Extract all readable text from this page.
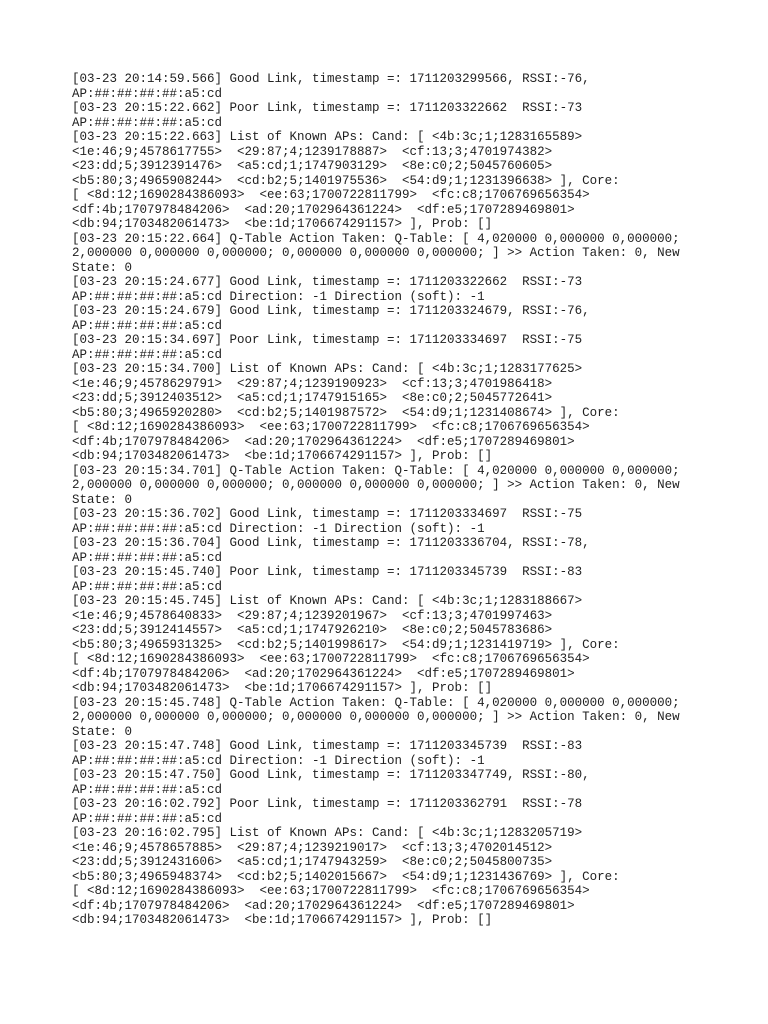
[03-23 20:14:59.566] Good Link, timestamp =: 1711203299566, RSSI:-76,
AP:##:##:##:##:a5:cd
[03-23 20:15:22.662] Poor Link, timestamp =: 1711203322662  RSSI:-73
AP:##:##:##:##:a5:cd
[03-23 20:15:22.663] List of Known APs: Cand: [ <4b:3c;1;1283165589>
<1e:46;9;4578617755>  <29:87;4;1239178887>  <cf:13;3;4701974382>
<23:dd;5;3912391476>  <a5:cd;1;1747903129>  <8e:c0;2;5045760605>
<b5:80;3;4965908244>  <cd:b2;5;1401975536>  <54:d9;1;1231396638> ], Core:
[ <8d:12;1690284386093>  <ee:63;1700722811799>  <fc:c8;1706769656354>
<df:4b;1707978484206>  <ad:20;1702964361224>  <df:e5;1707289469801>
<db:94;1703482061473>  <be:1d;1706674291157> ], Prob: []
[03-23 20:15:22.664] Q-Table Action Taken: Q-Table: [ 4,020000 0,000000 0,000000;
2,000000 0,000000 0,000000; 0,000000 0,000000 0,000000; ] >> Action Taken: 0, New
State: 0
[03-23 20:15:24.677] Good Link, timestamp =: 1711203322662  RSSI:-73
AP:##:##:##:##:a5:cd Direction: -1 Direction (soft): -1
[03-23 20:15:24.679] Good Link, timestamp =: 1711203324679, RSSI:-76,
AP:##:##:##:##:a5:cd
[03-23 20:15:34.697] Poor Link, timestamp =: 1711203334697  RSSI:-75
AP:##:##:##:##:a5:cd
[03-23 20:15:34.700] List of Known APs: Cand: [ <4b:3c;1;1283177625>
<1e:46;9;4578629791>  <29:87;4;1239190923>  <cf:13;3;4701986418>
<23:dd;5;3912403512>  <a5:cd;1;1747915165>  <8e:c0;2;5045772641>
<b5:80;3;4965920280>  <cd:b2;5;1401987572>  <54:d9;1;1231408674> ], Core:
[ <8d:12;1690284386093>  <ee:63;1700722811799>  <fc:c8;1706769656354>
<df:4b;1707978484206>  <ad:20;1702964361224>  <df:e5;1707289469801>
<db:94;1703482061473>  <be:1d;1706674291157> ], Prob: []
[03-23 20:15:34.701] Q-Table Action Taken: Q-Table: [ 4,020000 0,000000 0,000000;
2,000000 0,000000 0,000000; 0,000000 0,000000 0,000000; ] >> Action Taken: 0, New
State: 0
[03-23 20:15:36.702] Good Link, timestamp =: 1711203334697  RSSI:-75
AP:##:##:##:##:a5:cd Direction: -1 Direction (soft): -1
[03-23 20:15:36.704] Good Link, timestamp =: 1711203336704, RSSI:-78,
AP:##:##:##:##:a5:cd
[03-23 20:15:45.740] Poor Link, timestamp =: 1711203345739  RSSI:-83
AP:##:##:##:##:a5:cd
[03-23 20:15:45.745] List of Known APs: Cand: [ <4b:3c;1;1283188667>
<1e:46;9;4578640833>  <29:87;4;1239201967>  <cf:13;3;4701997463>
<23:dd;5;3912414557>  <a5:cd;1;1747926210>  <8e:c0;2;5045783686>
<b5:80;3;4965931325>  <cd:b2;5;1401998617>  <54:d9;1;1231419719> ], Core:
[ <8d:12;1690284386093>  <ee:63;1700722811799>  <fc:c8;1706769656354>
<df:4b;1707978484206>  <ad:20;1702964361224>  <df:e5;1707289469801>
<db:94;1703482061473>  <be:1d;1706674291157> ], Prob: []
[03-23 20:15:45.748] Q-Table Action Taken: Q-Table: [ 4,020000 0,000000 0,000000;
2,000000 0,000000 0,000000; 0,000000 0,000000 0,000000; ] >> Action Taken: 0, New
State: 0
[03-23 20:15:47.748] Good Link, timestamp =: 1711203345739  RSSI:-83
AP:##:##:##:##:a5:cd Direction: -1 Direction (soft): -1
[03-23 20:15:47.750] Good Link, timestamp =: 1711203347749, RSSI:-80,
AP:##:##:##:##:a5:cd
[03-23 20:16:02.792] Poor Link, timestamp =: 1711203362791  RSSI:-78
AP:##:##:##:##:a5:cd
[03-23 20:16:02.795] List of Known APs: Cand: [ <4b:3c;1;1283205719>
<1e:46;9;4578657885>  <29:87;4;1239219017>  <cf:13;3;4702014512>
<23:dd;5;3912431606>  <a5:cd;1;1747943259>  <8e:c0;2;5045800735>
<b5:80;3;4965948374>  <cd:b2;5;1402015667>  <54:d9;1;1231436769> ], Core:
[ <8d:12;1690284386093>  <ee:63;1700722811799>  <fc:c8;1706769656354>
<df:4b;1707978484206>  <ad:20;1702964361224>  <df:e5;1707289469801>
<db:94;1703482061473>  <be:1d;1706674291157> ], Prob: []
